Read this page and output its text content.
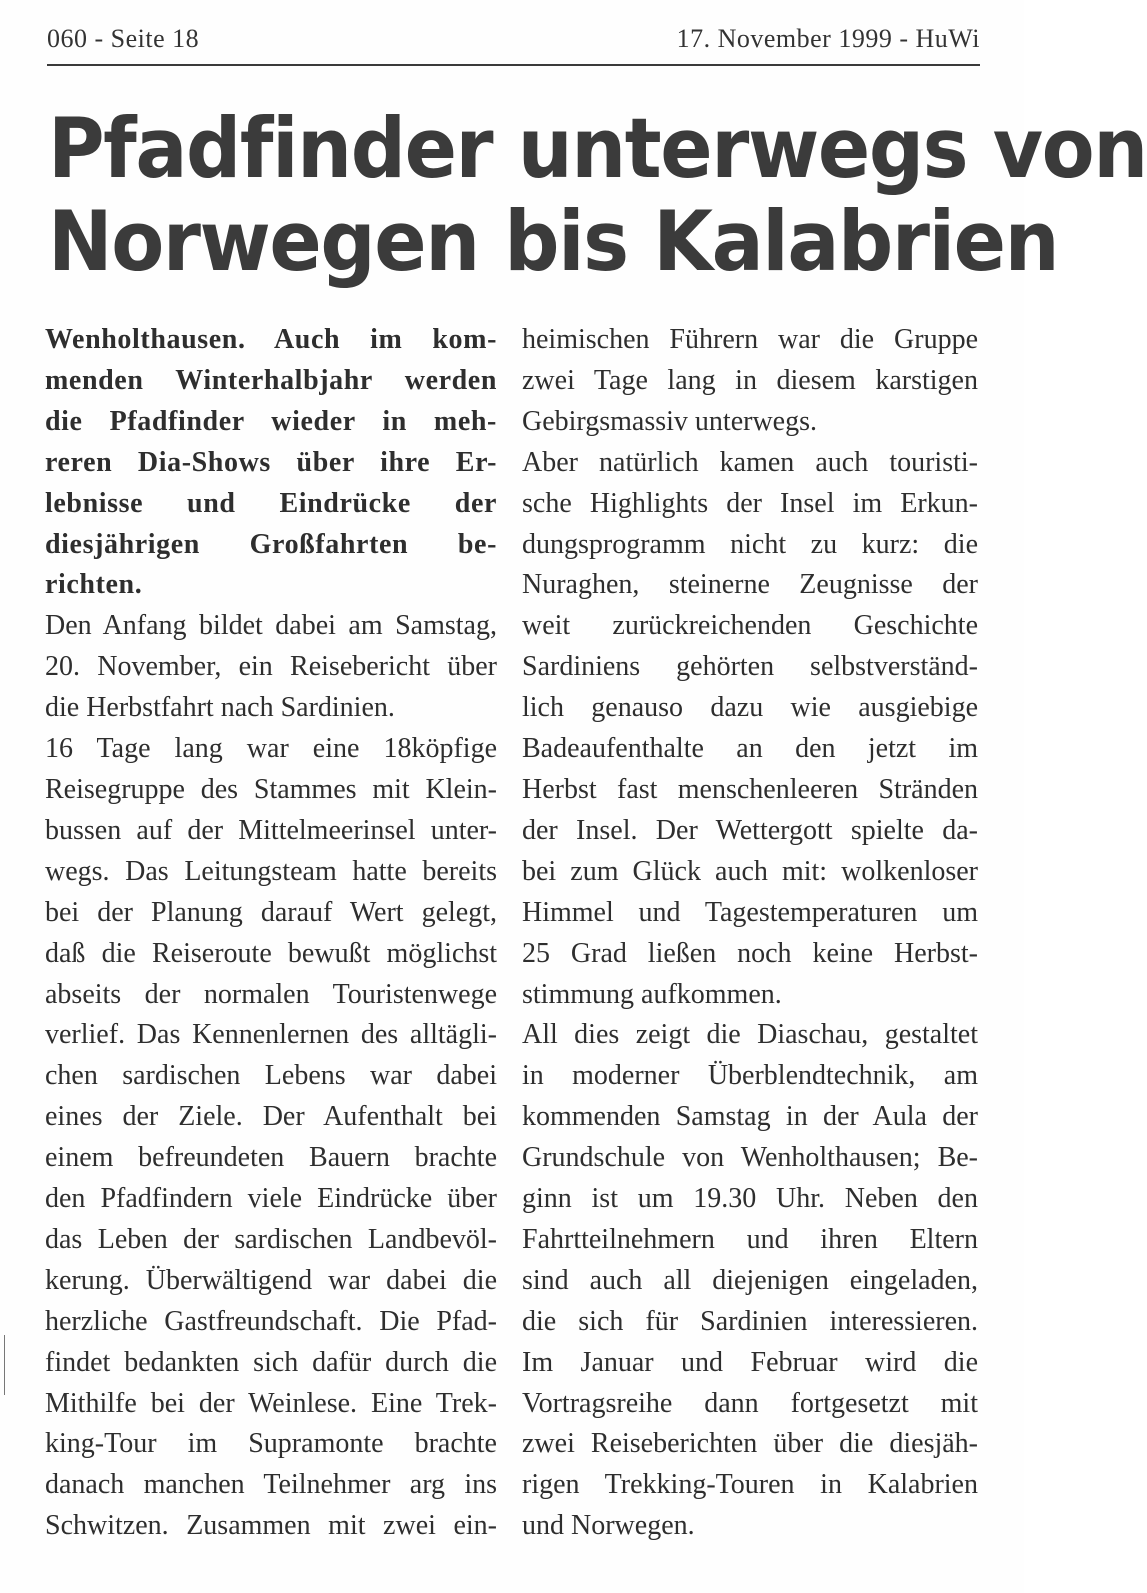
060 - Seite 18	17. November 1999 - HuWi
Pfadfinder unterwegs von
Norwegen bis Kalabrien
Wenholthausen. Auch im kom-
menden Winterhalbjahr werden
die Pfadfinder wieder in meh-
reren Dia-Shows über ihre Er-
lebnisse und Eindrücke der
diesjährigen Großfahrten be-
richten.
Den Anfang bildet dabei am Samstag,
20. November, ein Reisebericht über
die Herbstfahrt nach Sardinien.
16 Tage lang war eine 18köpfige
Reisegruppe des Stammes mit Klein-
bussen auf der Mittelmeerinsel unter-
wegs. Das Leitungsteam hatte bereits
bei der Planung darauf Wert gelegt,
daß die Reiseroute bewußt möglichst
abseits der normalen Touristenwege
verlief. Das Kennenlernen des alltägli-
chen sardischen Lebens war dabei
eines der Ziele. Der Aufenthalt bei
einem befreundeten Bauern brachte
den Pfadfindern viele Eindrücke über
das Leben der sardischen Landbevöl-
kerung. Überwältigend war dabei die
herzliche Gastfreundschaft. Die Pfad-
findet bedankten sich dafür durch die
Mithilfe bei der Weinlese. Eine Trek-
king-Tour im Supramonte brachte
danach manchen Teilnehmer arg ins
Schwitzen. Zusammen mit zwei ein-
heimischen Führern war die Gruppe
zwei Tage lang in diesem karstigen
Gebirgsmassiv unterwegs.
Aber natürlich kamen auch touristi-
sche Highlights der Insel im Erkun-
dungsprogramm nicht zu kurz: die
Nuraghen, steinerne Zeugnisse der
weit zurückreichenden Geschichte
Sardiniens gehörten selbstverständ-
lich genauso dazu wie ausgiebige
Badeaufenthalte an den jetzt im
Herbst fast menschenleeren Stränden
der Insel. Der Wettergott spielte da-
bei zum Glück auch mit: wolkenloser
Himmel und Tagestemperaturen um
25 Grad ließen noch keine Herbst-
stimmung aufkommen.
All dies zeigt die Diaschau, gestaltet
in moderner Überblendtechnik, am
kommenden Samstag in der Aula der
Grundschule von Wenholthausen; Be-
ginn ist um 19.30 Uhr. Neben den
Fahrtteilnehmern und ihren Eltern
sind auch all diejenigen eingeladen,
die sich für Sardinien interessieren.
Im Januar und Februar wird die
Vortragsreihe dann fortgesetzt mit
zwei Reiseberichten über die diesjäh-
rigen Trekking-Touren in Kalabrien
und Norwegen.
